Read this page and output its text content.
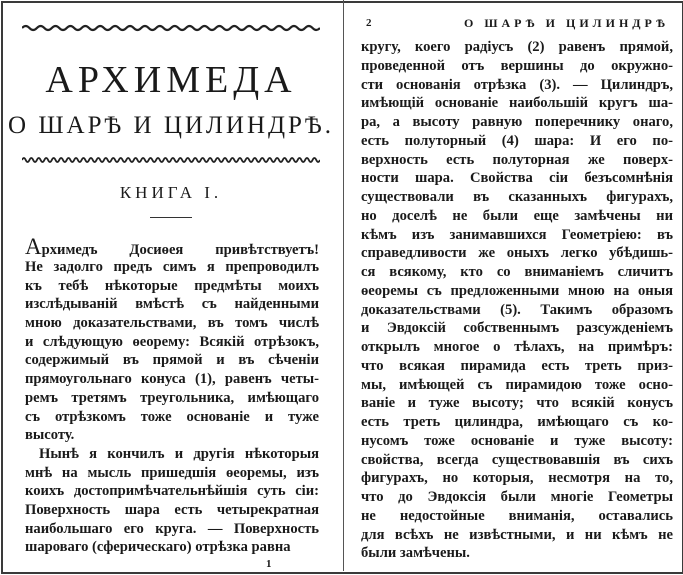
АРХИМЕДА
О ШАРѢ И ЦИЛИНДРѢ.
КНИГА I.
Архимедъ Досиөея привѣтствуетъ!
Не задолго предъ симъ я препроводилъ
къ тебѣ нѣкоторые предмѣты моихъ
изслѣдываній вмѣстѣ съ найденными
мною доказательствами, въ томъ числѣ
и слѣдующую өеорему: Всякій отрѣзокъ,
содержимый въ прямой и въ сѣченіи
прямоугольнаго конуса (1), равенъ четы-
ремъ третямъ треугольника, имѣющаго
съ отрѣзкомъ тоже основаніе и туже
высоту.
Нынѣ я кончилъ и другія нѣкоторыя
мнѣ на мысль пришедшія өеоремы, изъ
коихъ достопримѣчательнѣйшія суть сіи:
Поверхность шара есть четырекратная
наибольшаго его круга. — Поверхность
шароваго (сферическаго) отрѣзка равна
1
2	О ШАРѢ И ЦИЛИНДРѢ
кругу, коего радіусъ (2) равенъ прямой,
проведенной отъ вершины до окружно-
сти основанія отрѣзка (3). — Цилиндръ,
имѣющій основаніе наибольшій кругъ ша-
ра, а высоту равную поперечнику онаго,
есть полуторный (4) шара: И его по-
верхность есть полуторная же поверх-
ности шара. Свойства сіи безъсомнѣнія
существовали въ сказанныхъ фигурахъ,
но доселѣ не были еще замѣчены ни
кѣмъ изъ занимавшихся Геометріею: въ
справедливости же оныхъ легко убѣдишь-
ся всякому, кто со вниманіемъ сличитъ
өеоремы съ предложенными мною на оныя
доказательствами (5). Такимъ образомъ
и Эвдоксій собственнымъ разсужденіемъ
открылъ многое о тѣлахъ, на примѣръ:
что всякая пирамида есть треть приз-
мы, имѣющей съ пирамидою тоже осно-
ваніе и туже высоту; что всякій конусъ
есть треть цилиндра, имѣющаго съ ко-
нусомъ тоже основаніе и туже высоту:
свойства, всегда существовавшія въ сихъ
фигурахъ, но которыя, несмотря на то,
что до Эвдоксія были многіе Геометры
не недостойные вниманія, оставались
для всѣхъ не извѣстными, и ни кѣмъ не
были замѣчены.
